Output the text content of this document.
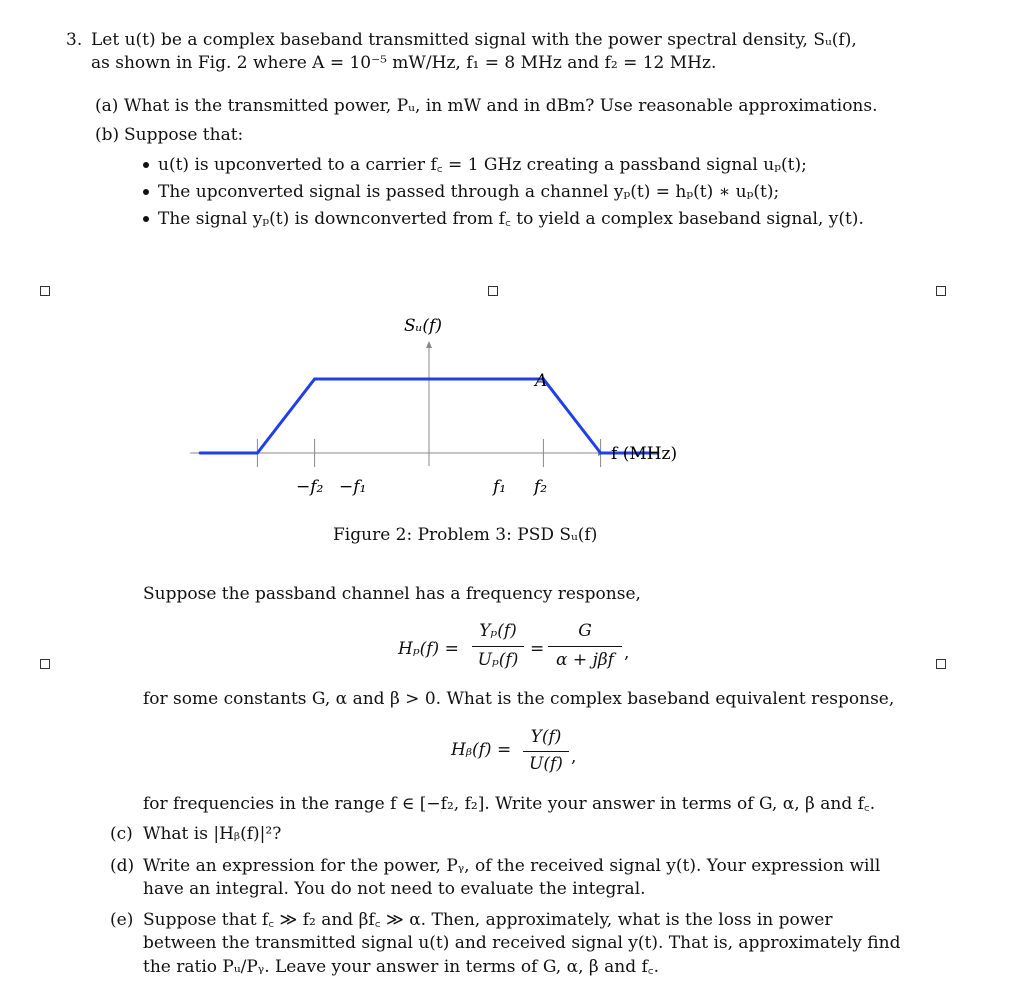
3. Let u(t) be a complex baseband transmitted signal with the power spectral density, Sᵤ(f),
as shown in Fig. 2 where A = 10⁻⁵ mW/Hz, f₁ = 8 MHz and f₂ = 12 MHz.
(a) What is the transmitted power, Pᵤ, in mW and in dBm? Use reasonable approximations.
(b) Suppose that:
u(t) is upconverted to a carrier f꜀ = 1 GHz creating a passband signal uₚ(t);
The upconverted signal is passed through a channel yₚ(t) = hₚ(t) ∗ uₚ(t);
The signal yₚ(t) is downconverted from f꜀ to yield a complex baseband signal, y(t).
Sᵤ(f)
A
f (MHz)
−f₂ −f₁	f₁ f₂
Figure 2: Problem 3: PSD Sᵤ(f)
Suppose the passband channel has a frequency response,
Hₚ(f) =
Yₚ(f)
Uₚ(f)
=
G
α + jβf ,
for some constants G, α and β > 0. What is the complex baseband equivalent response,
Hᵦ(f) =
Y(f)
U(f) ,
for frequencies in the range f ∈ [−f₂, f₂]. Write your answer in terms of G, α, β and f꜀.
(c) What is |Hᵦ(f)|²?
(d) Write an expression for the power, Pᵧ, of the received signal y(t). Your expression will
have an integral. You do not need to evaluate the integral.
(e) Suppose that f꜀ ≫ f₂ and βf꜀ ≫ α. Then, approximately, what is the loss in power
between the transmitted signal u(t) and received signal y(t). That is, approximately find
the ratio Pᵤ/Pᵧ. Leave your answer in terms of G, α, β and f꜀.
